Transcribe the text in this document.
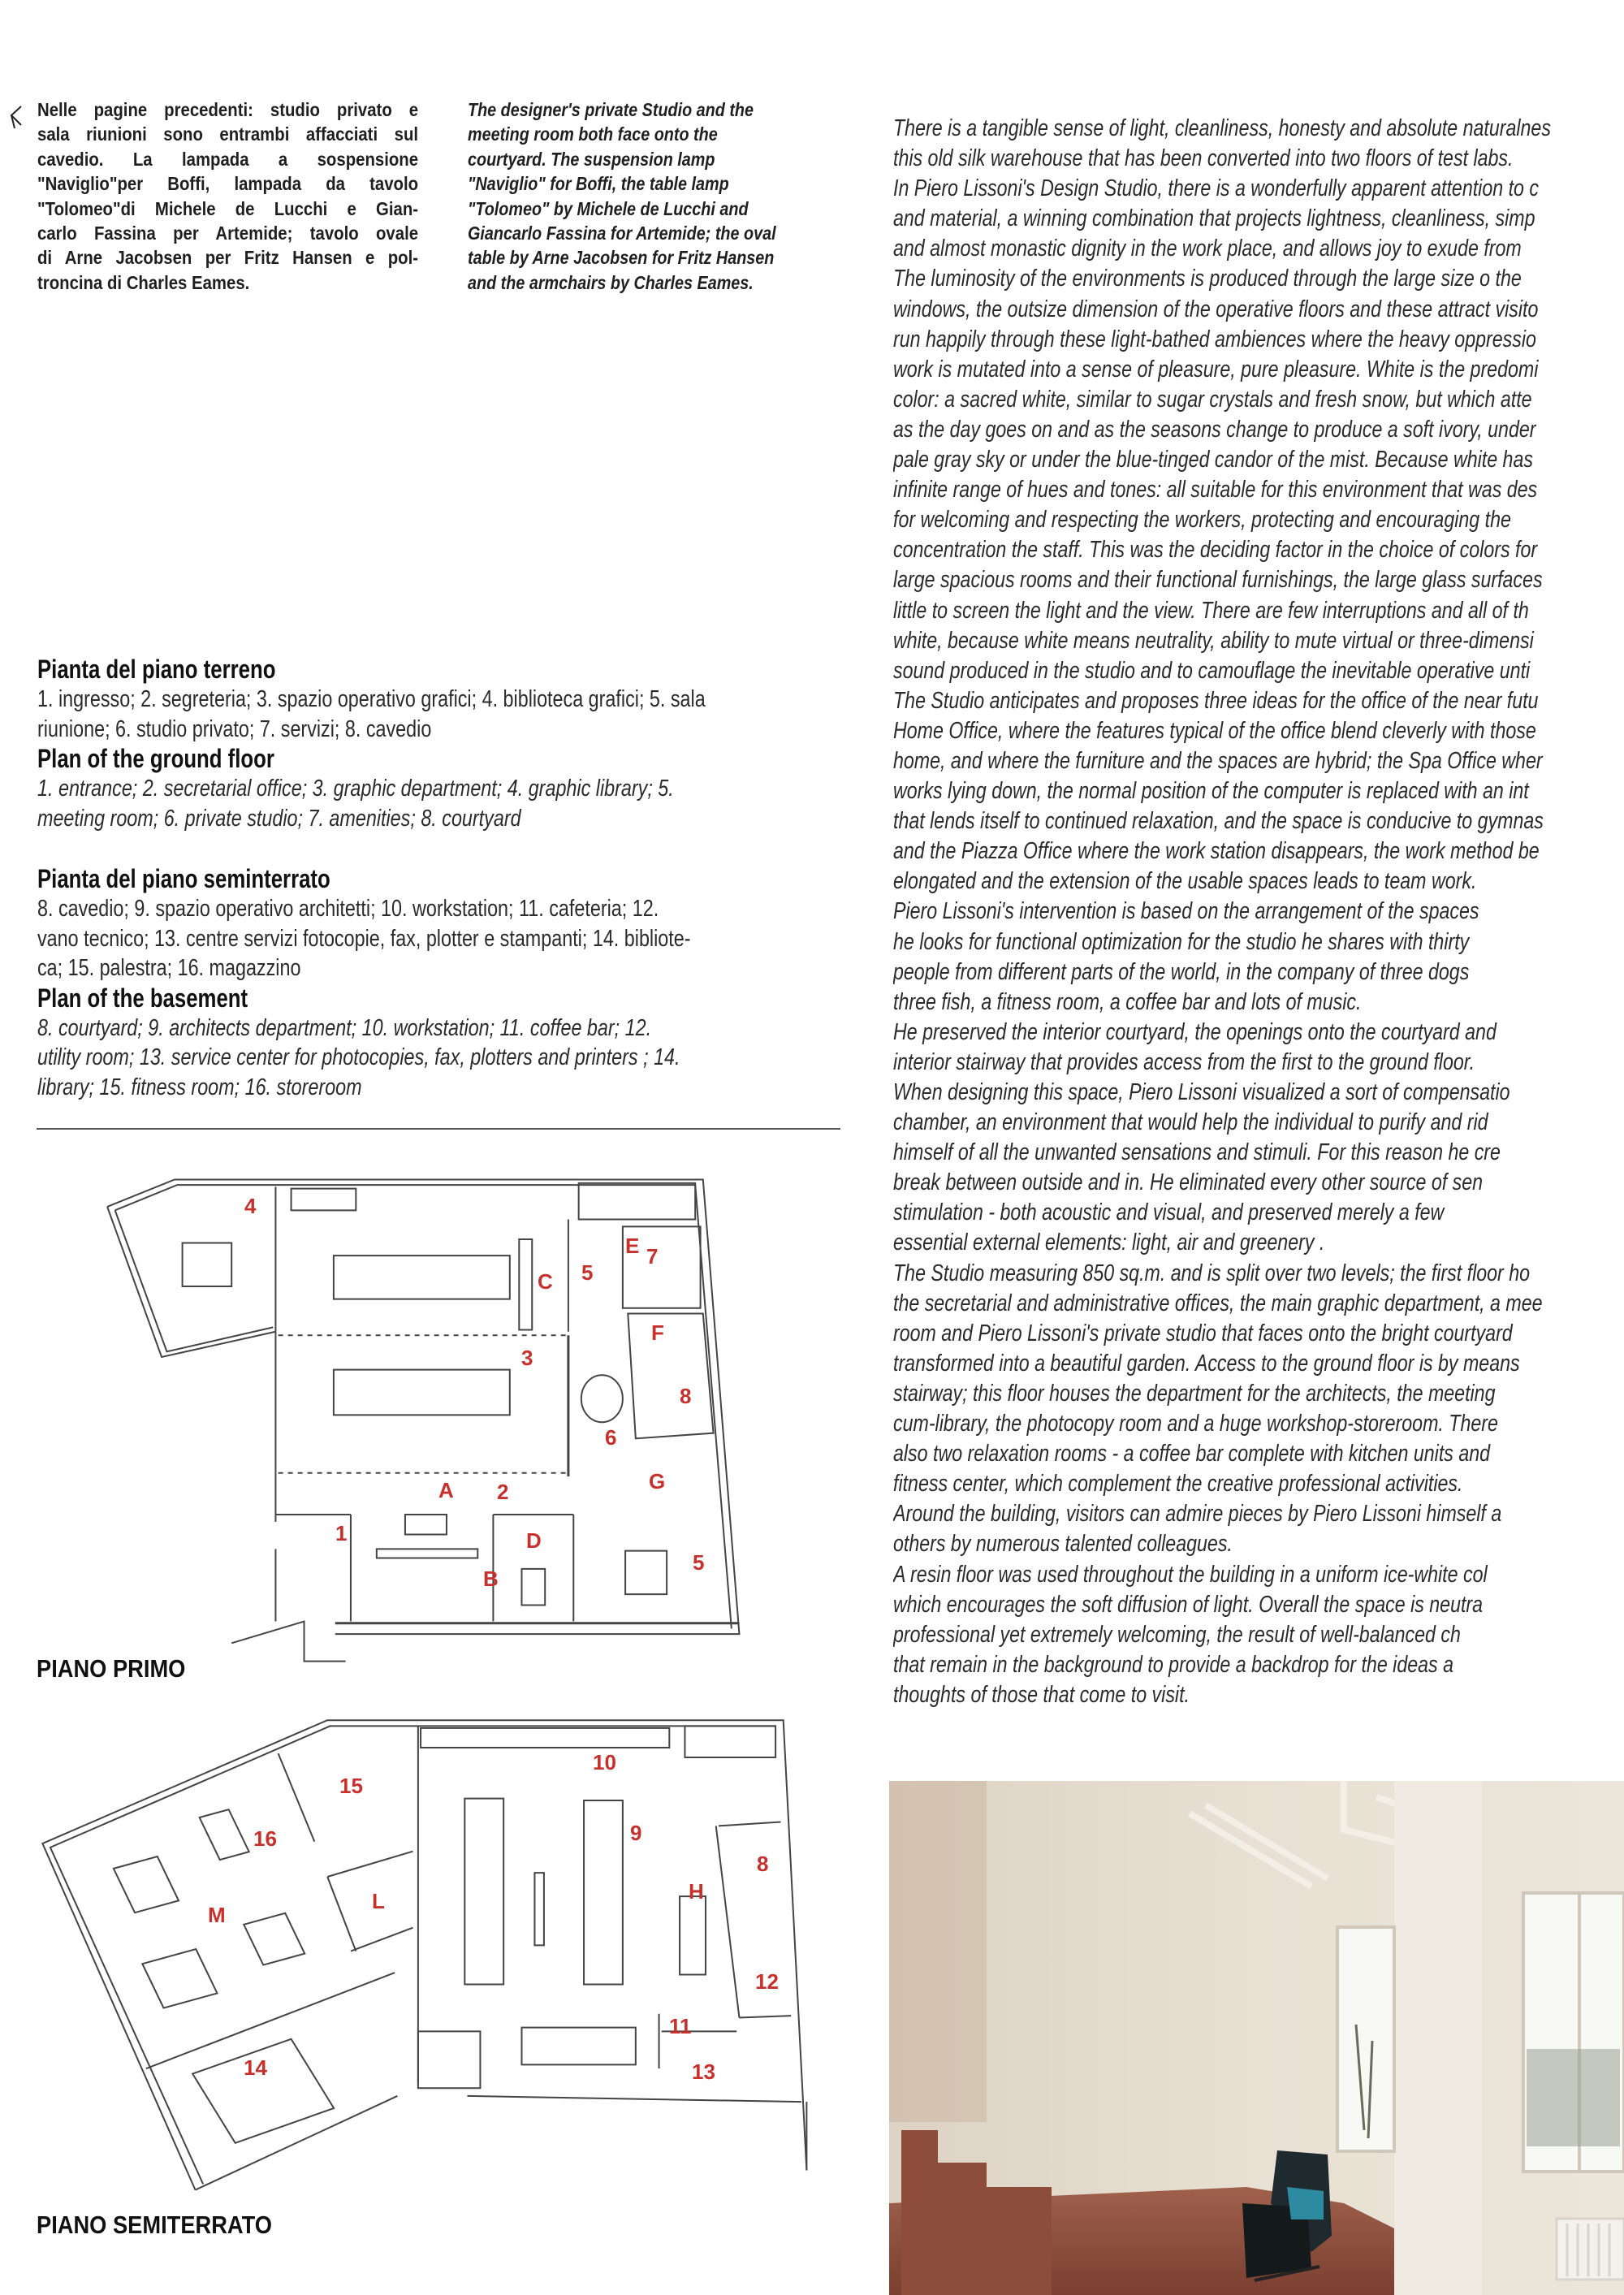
Nelle pagine precedenti: studio privato e
sala riunioni sono entrambi affacciati sul
cavedio. La lampada a sospensione
"Naviglio"per Boffi, lampada da tavolo
"Tolomeo"di Michele de Lucchi e Gian-
carlo Fassina per Artemide; tavolo ovale
di Arne Jacobsen per Fritz Hansen e pol-
troncina di Charles Eames.
The designer's private Studio and the
meeting room both face onto the
courtyard. The suspension lamp
"Naviglio" for Boffi, the table lamp
"Tolomeo" by Michele de Lucchi and
Giancarlo Fassina for Artemide; the oval
table by Arne Jacobsen for Fritz Hansen
and the armchairs by Charles Eames.
There is a tangible sense of light, cleanliness, honesty and absolute naturalnes
this old silk warehouse that has been converted into two floors of test labs.
In Piero Lissoni's Design Studio, there is a wonderfully apparent attention to c
and material, a winning combination that projects lightness, cleanliness, simp
and almost monastic dignity in the work place, and allows joy to exude from
The luminosity of the environments is produced through the large size o the
windows, the outsize dimension of the operative floors and these attract visito
run happily through these light-bathed ambiences where the heavy oppressio
work is mutated into a sense of pleasure, pure pleasure. White is the predomi
color: a sacred white, similar to sugar crystals and fresh snow, but which atte
as the day goes on and as the seasons change to produce a soft ivory, under
pale gray sky or under the blue-tinged candor of the mist. Because white has
infinite range of hues and tones: all suitable for this environment that was des
for welcoming and respecting the workers, protecting and encouraging the
concentration the staff. This was the deciding factor in the choice of colors for
large spacious rooms and their functional furnishings, the large glass surfaces
little to screen the light and the view. There are few interruptions and all of th
white, because white means neutrality, ability to mute virtual or three-dimensi
sound produced in the studio and to camouflage the inevitable operative unti
The Studio anticipates and proposes three ideas for the office of the near futu
Home Office, where the features typical of the office blend cleverly with those
home, and where the furniture and the spaces are hybrid; the Spa Office wher
works lying down, the normal position of the computer is replaced with an int
that lends itself to continued relaxation, and the space is conducive to gymnas
and the Piazza Office where the work station disappears, the work method be
elongated and the extension of the usable spaces leads to team work.
Piero Lissoni's intervention is based on the arrangement of the spaces
he looks for functional optimization for the studio he shares with thirty
people from different parts of the world, in the company of three dogs
three fish, a fitness room, a coffee bar and lots of music.
He preserved the interior courtyard, the openings onto the courtyard and
interior stairway that provides access from the first to the ground floor.
When designing this space, Piero Lissoni visualized a sort of compensatio
chamber, an environment that would help the individual to purify and rid
himself of all the unwanted sensations and stimuli. For this reason he cre
break between outside and in. He eliminated every other source of sen
stimulation - both acoustic and visual, and preserved merely a few
essential external elements: light, air and greenery .
The Studio measuring 850 sq.m. and is split over two levels; the first floor ho
the secretarial and administrative offices, the main graphic department, a mee
room and Piero Lissoni's private studio that faces onto the bright courtyard
transformed into a beautiful garden. Access to the ground floor is by means
stairway; this floor houses the department for the architects, the meeting
cum-library, the photocopy room and a huge workshop-storeroom. There
also two relaxation rooms - a coffee bar complete with kitchen units and
fitness center, which complement the creative professional activities.
Around the building, visitors can admire pieces by Piero Lissoni himself a
others by numerous talented colleagues.
A resin floor was used throughout the building in a uniform ice-white col
which encourages the soft diffusion of light. Overall the space is neutra
professional yet extremely welcoming, the result of well-balanced ch
that remain in the background to provide a backdrop for the ideas a
thoughts of those that come to visit.
Pianta del piano terreno
1. ingresso; 2. segreteria; 3. spazio operativo grafici; 4. biblioteca grafici; 5. sala
riunione; 6. studio privato; 7. servizi; 8. cavedio
Plan of the ground floor
1. entrance; 2. secretarial office; 3. graphic department; 4. graphic library; 5.
meeting room; 6. private studio; 7. amenities; 8. courtyard
Pianta del piano seminterrato
8. cavedio; 9. spazio operativo architetti; 10. workstation; 11. cafeteria; 12.
vano tecnico; 13. centre servizi fotocopie, fax, plotter e stampanti; 14. bibliote-
ca; 15. palestra; 16. magazzino
Plan of the basement
8. courtyard; 9. architects department; 10. workstation; 11. coffee bar; 12.
utility room; 13. service center for photocopies, fax, plotters and printers ; 14.
library; 15. fitness room; 16. storeroom
4
C
E 7
5
F
3
8
6
G
A 2
1	D
B
5
PIANO PRIMO
10
15
16	9
8
L	H
M
12
11
14	13
PIANO SEMITERRATO
